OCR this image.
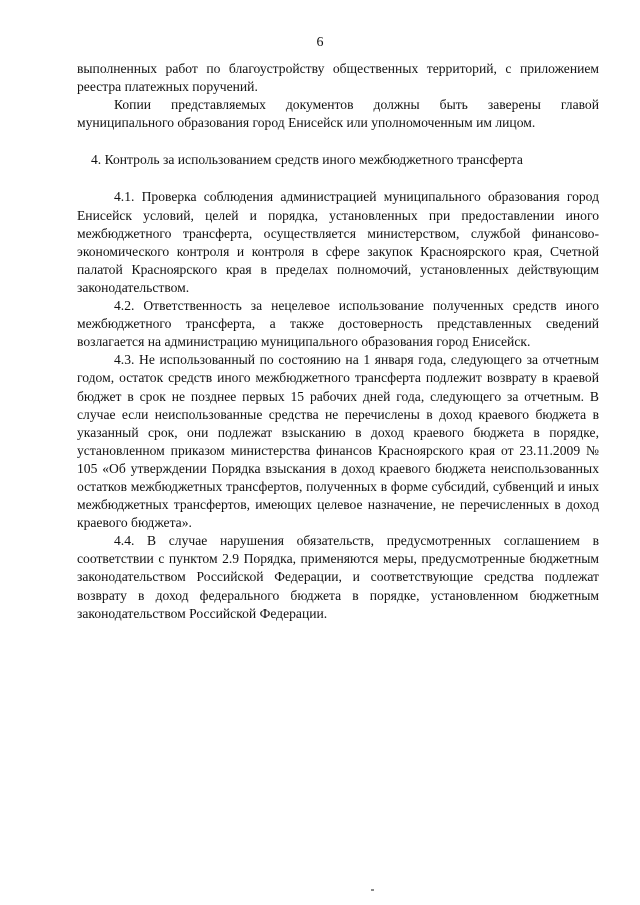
6

выполненных работ по благоустройству общественных территорий, с приложением реестра платежных поручений.

Копии представляемых документов должны быть заверены главой муниципального образования город Енисейск или уполномоченным им лицом.

4. Контроль за использованием средств иного межбюджетного трансферта

4.1. Проверка соблюдения администрацией муниципального образования город Енисейск условий, целей и порядка, установленных при предоставлении иного межбюджетного трансферта, осуществляется министерством, службой финансово-экономического контроля и контроля в сфере закупок Красноярского края, Счетной палатой Красноярского края в пределах полномочий, установленных действующим законодательством.

4.2. Ответственность за нецелевое использование полученных средств иного межбюджетного трансферта, а также достоверность представленных сведений возлагается на администрацию муниципального образования город Енисейск.

4.3. Не использованный по состоянию на 1 января года, следующего за отчетным годом, остаток средств иного межбюджетного трансферта подлежит возврату в краевой бюджет в срок не позднее первых 15 рабочих дней года, следующего за отчетным. В случае если неиспользованные средства не перечислены в доход краевого бюджета в указанный срок, они подлежат взысканию в доход краевого бюджета в порядке, установленном приказом министерства финансов Красноярского края от 23.11.2009 № 105 «Об утверждении Порядка взыскания в доход краевого бюджета неиспользованных остатков межбюджетных трансфертов, полученных в форме субсидий, субвенций и иных межбюджетных трансфертов, имеющих целевое назначение, не перечисленных в доход краевого бюджета».

4.4. В случае нарушения обязательств, предусмотренных соглашением в соответствии с пунктом 2.9 Порядка, применяются меры, предусмотренные бюджетным законодательством Российской Федерации, и соответствующие средства подлежат возврату в доход федерального бюджета в порядке, установленном бюджетным законодательством Российской Федерации.
